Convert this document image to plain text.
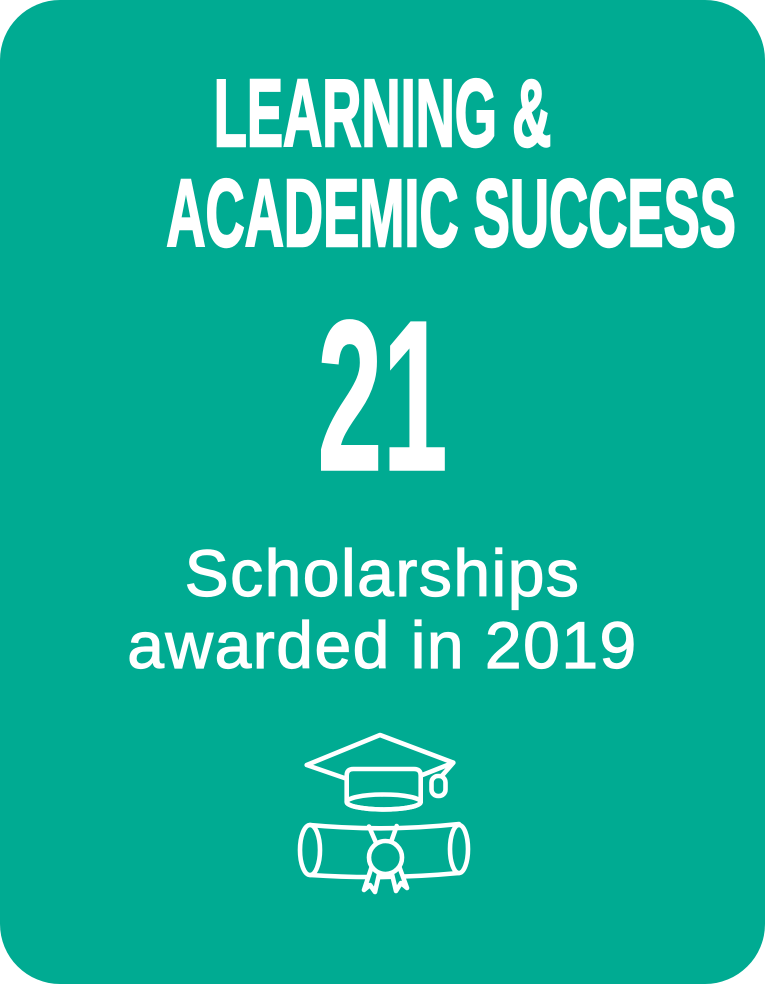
LEARNING &
ACADEMIC SUCCESS
21
Scholarships
awarded in 2019
